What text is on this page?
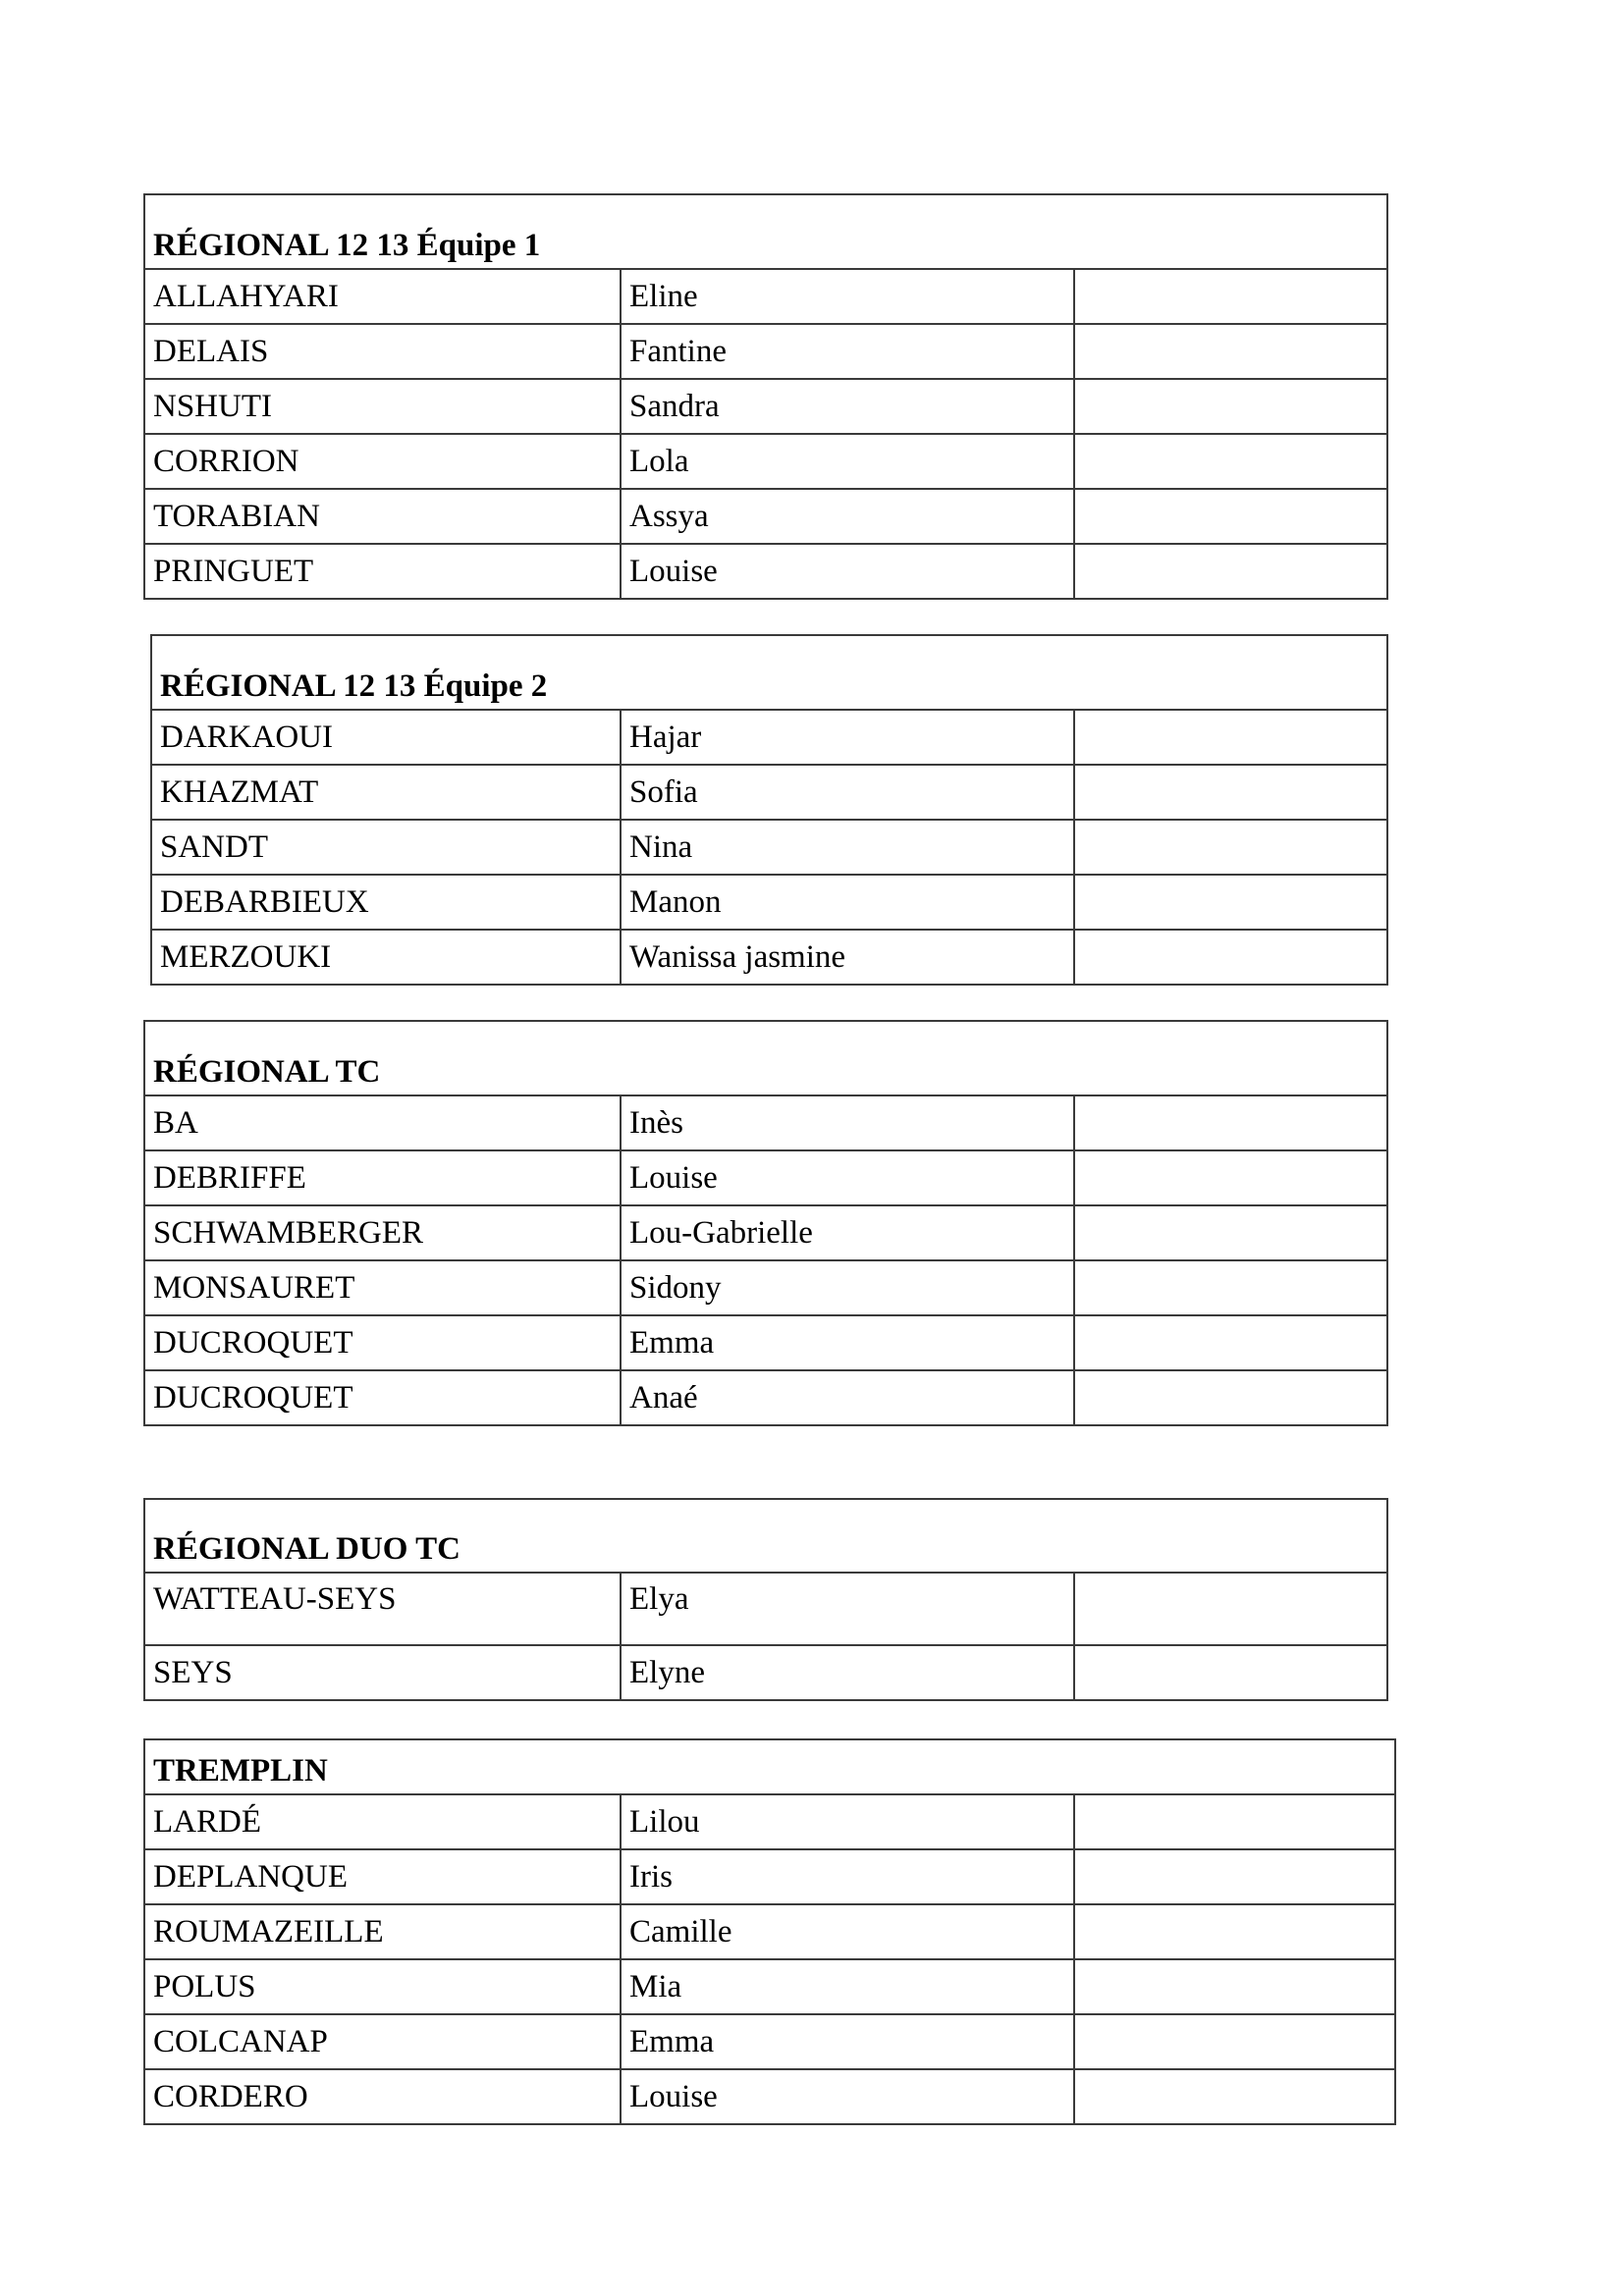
RÉGIONAL 12 13 Équipe 1		
ALLAHYARI	Eline	
DELAIS	Fantine	
NSHUTI	Sandra	
CORRION	Lola	
TORABIAN	Assya	
PRINGUET	Louise	
RÉGIONAL 12 13 Équipe 2		
DARKAOUI	Hajar	
KHAZMAT	Sofia	
SANDT	Nina	
DEBARBIEUX	Manon	
MERZOUKI	Wanissa jasmine	
RÉGIONAL TC		
BA	Inès	
DEBRIFFE	Louise	
SCHWAMBERGER	Lou-Gabrielle	
MONSAURET	Sidony	
DUCROQUET	Emma	
DUCROQUET	Anaé	
RÉGIONAL DUO TC		
WATTEAU-SEYS	Elya	
SEYS	Elyne	
TREMPLIN		
LARDÉ	Lilou	
DEPLANQUE	Iris	
ROUMAZEILLE	Camille	
POLUS	Mia	
COLCANAP	Emma	
CORDERO	Louise	
